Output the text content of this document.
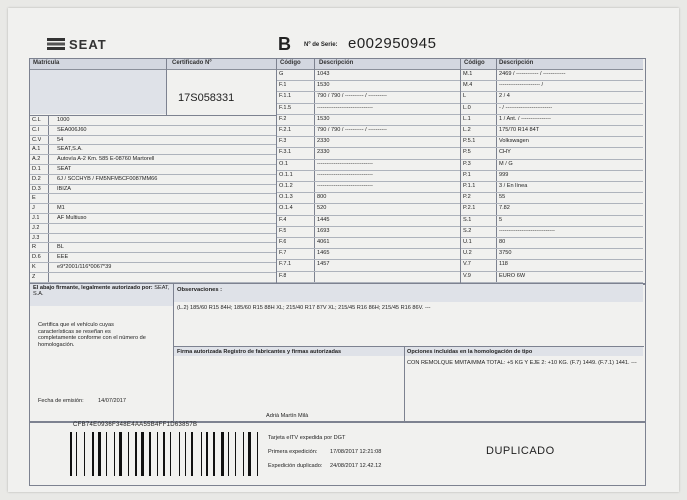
SEAT	B Nº de Serie: e002950945
Matrícula	Certificado Nº
17S058331
C.L	1000
C.I	SEA006J60
C.V	54
A.1	SEAT,S.A.
A.2	Autovía A-2 Km. 585 E-08760 Martorell
D.1	SEAT
D.2	6J / SCCHYB / FM5NFM5CF0087MM66
D.3	IBIZA
E
J	M1
J.1	AF Multiuso
J.2
J.3
R	BL
D.6	EEE
K	e9*2001/116*0067*39
Z
Código	Descripción
G	1043
F.1	1530
F.1.1	790 / 790 / ---------- / ----------
F.1.5	------------------------------
F.2	1530
F.2.1	790 / 790 / ---------- / ----------
F.3	2330
F.3.1	2330
O.1	------------------------------
O.1.1	------------------------------
O.1.2	------------------------------
O.1.3	800
O.1.4	520
F.4	1445
F.5	1693
F.6	4061
F.7	1465
F.7.1	1457
F.8
Código Descripción
M.1	2469 / ------------ / ------------
M.4	---------------------- /
L	2 / 4
L.0	- / -------------------------
L.1	1 / Ant. / ----------------
L.2	175/70 R14 84T
P.5.1	Volkswagen
P.5	CHY
P.3	M / G
P.1	999
P.1.1	3 / En línea
P.2	55
P.2.1	7.82
S.1	5
S.2	------------------------------
U.1	80
U.2	3750
V.7	118
V.9	EURO 6W
El abajo firmante, legalmente autorizado por: SEAT, S.A.
Certifica que el vehículo cuyas características se reseñan es completamente conforme con el número de homologación.
Fecha de emisión:	14/07/2017
Observaciones :
(L.2) 185/60 R15 84H; 185/60 R15 88H XL; 215/40 R17 87V XL; 215/45 R16 86H; 215/45 R16 86V. ---
Firma autorizada Registro de fabricantes y firmas autorizadas	Opciones incluidas en la homologación de tipo
CON REMOLQUE MMTA/MMA TOTAL: +5 KG Y EJE 2: +10 KG. (F.7) 1449. (F.7.1) 1441. ---
Adrià Martín Milà
CFB74E0936F348E4AA55B4FF1D63857B
Tarjeta eITV expedida por DGT
Primera expedición: 17/08/2017 12:21:08
Expedición duplicado: 24/08/2017 12.42.12
DUPLICADO
